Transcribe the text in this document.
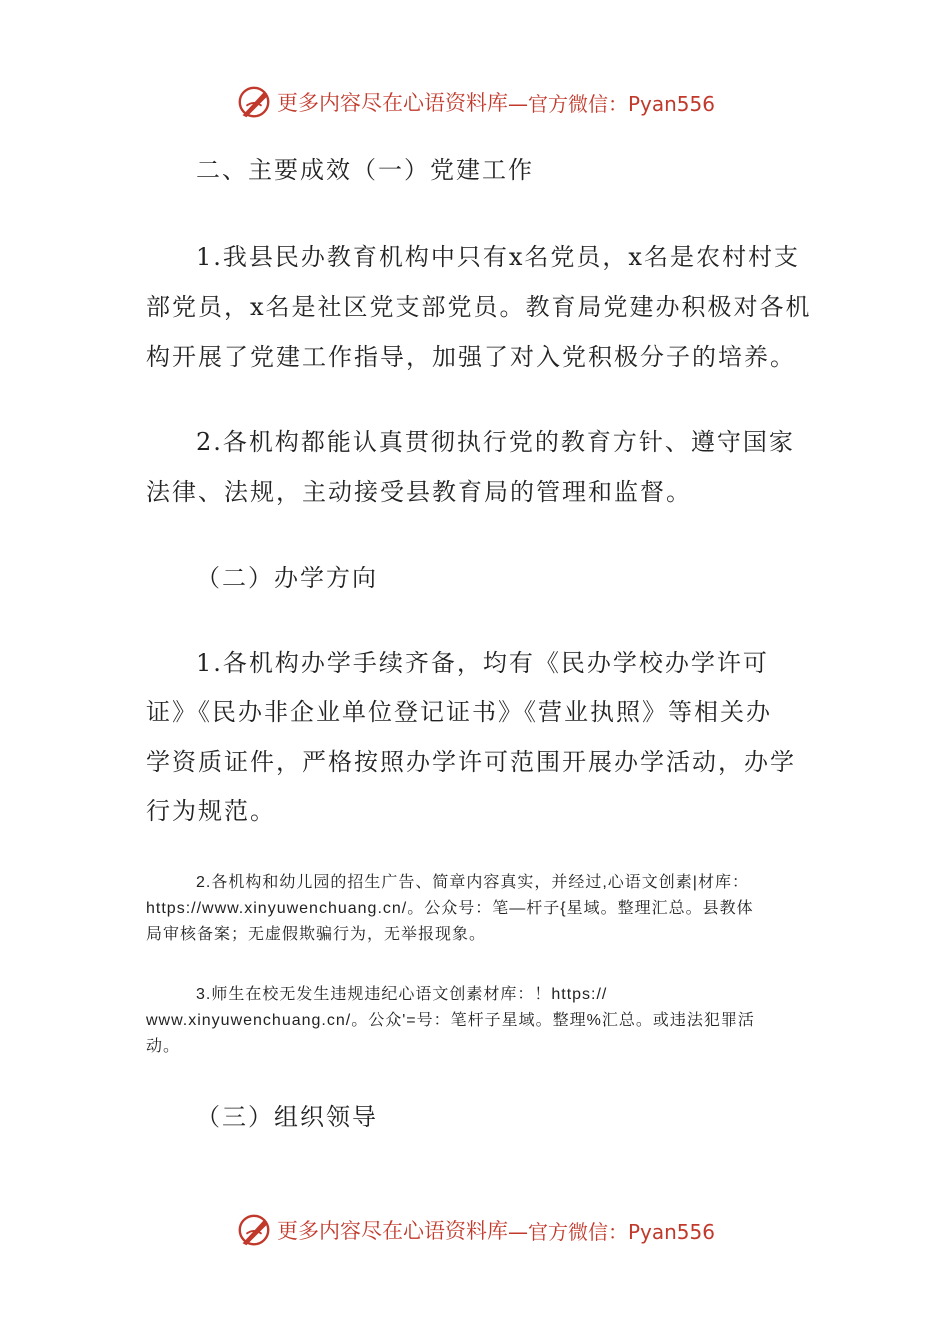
更多内容尽在心语资料库 —官方微信：Pyan556
二、主要成效（一）党建工作
1.我县民办教育机构中只有x名党员，x名是农村村支
部党员，x名是社区党支部党员。教育局党建办积极对各机
构开展了党建工作指导，加强了对入党积极分子的培养。
2.各机构都能认真贯彻执行党的教育方针、遵守国家
法律、法规，主动接受县教育局的管理和监督。
（二）办学方向
1.各机构办学手续齐备，均有《民办学校办学许可
证》《民办非企业单位登记证书》《营业执照》等相关办
学资质证件，严格按照办学许可范围开展办学活动，办学
行为规范。
2.各机构和幼儿园的招生广告、简章内容真实，并经过,心语文创素|材库：
https://www.xinyuwenchuang.cn/。公众号：笔—杆子{星域。整理汇总。县教体
局审核备案；无虚假欺骗行为，无举报现象。
3.师生在校无发生违规违纪心语文创素材库：！https://
www.xinyuwenchuang.cn/。公众'=号：笔杆子星域。整理%汇总。或违法犯罪活
动。
（三）组织领导
更多内容尽在心语资料库 —官方微信：Pyan556
